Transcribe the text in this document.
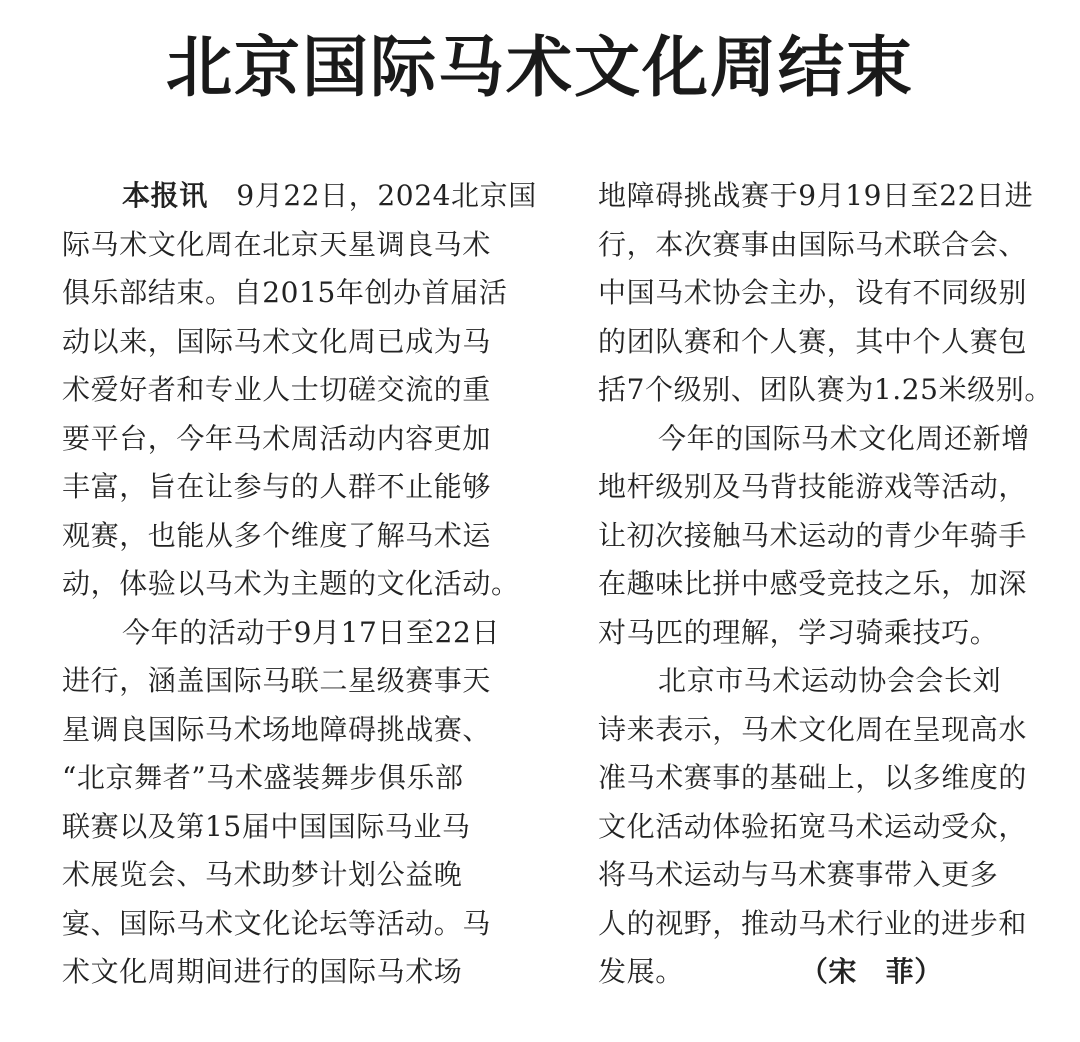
北京国际马术文化周结束
本报讯 9月22日，2024北京国
际马术文化周在北京天星调良马术
俱乐部结束。自2015年创办首届活
动以来，国际马术文化周已成为马
术爱好者和专业人士切磋交流的重
要平台，今年马术周活动内容更加
丰富，旨在让参与的人群不止能够
观赛，也能从多个维度了解马术运
动，体验以马术为主题的文化活动。
今年的活动于9月17日至22日
进行，涵盖国际马联二星级赛事天
星调良国际马术场地障碍挑战赛、
“北京舞者”马术盛装舞步俱乐部
联赛以及第15届中国国际马业马
术展览会、马术助梦计划公益晚
宴、国际马术文化论坛等活动。马
术文化周期间进行的国际马术场
地障碍挑战赛于9月19日至22日进
行，本次赛事由国际马术联合会、
中国马术协会主办，设有不同级别
的团队赛和个人赛，其中个人赛包
括7个级别、团队赛为1.25米级别。
今年的国际马术文化周还新增
地杆级别及马背技能游戏等活动，
让初次接触马术运动的青少年骑手
在趣味比拼中感受竞技之乐，加深
对马匹的理解，学习骑乘技巧。
北京市马术运动协会会长刘
诗来表示，马术文化周在呈现高水
准马术赛事的基础上，以多维度的
文化活动体验拓宽马术运动受众，
将马术运动与马术赛事带入更多
人的视野，推动马术行业的进步和
发展。	（宋　菲）
